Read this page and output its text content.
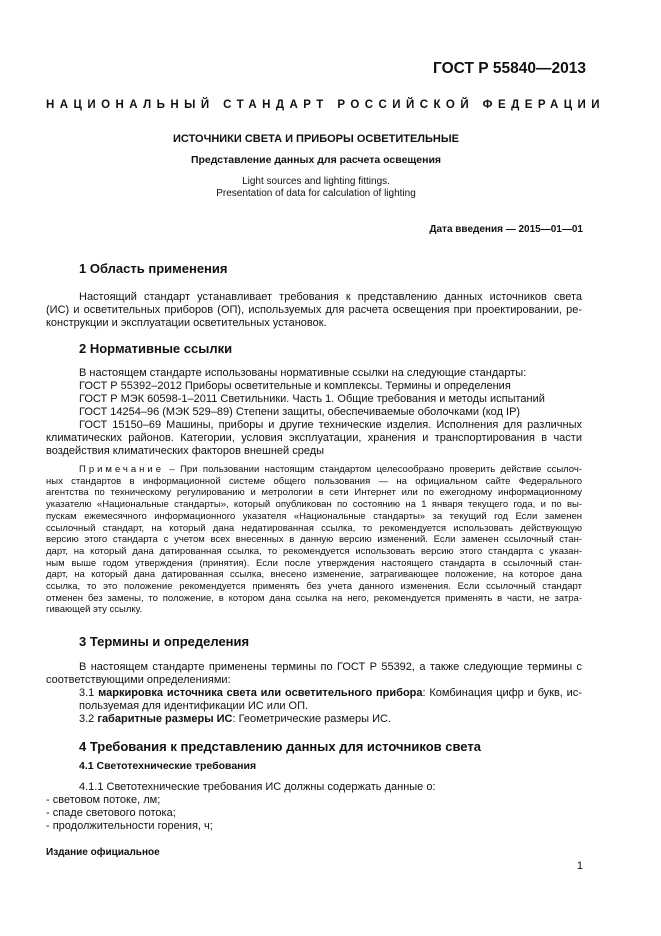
ГОСТ Р 55840—2013
НАЦИОНАЛЬНЫЙ СТАНДАРТ РОССИЙСКОЙ ФЕДЕРАЦИИ
ИСТОЧНИКИ СВЕТА И ПРИБОРЫ ОСВЕТИТЕЛЬНЫЕ
Представление данных для расчета освещения
Light sources and lighting fittings.
Presentation of data for calculation of lighting
Дата введения — 2015—01—01
1 Область применения
Настоящий стандарт устанавливает требования к представлению данных источников света
(ИС) и осветительных приборов (ОП), используемых для расчета освещения при проектировании, ре-
конструкции и эксплуатации осветительных установок.
2 Нормативные ссылки
В настоящем стандарте использованы нормативные ссылки на следующие стандарты:
ГОСТ Р 55392–2012 Приборы осветительные и комплексы. Термины и определения
ГОСТ Р МЭК 60598-1–2011 Светильники. Часть 1. Общие требования и методы испытаний
ГОСТ 14254–96 (МЭК 529–89) Степени защиты, обеспечиваемые оболочками (код IP)
ГОСТ 15150–69 Машины, приборы и другие технические изделия. Исполнения для различных
климатических районов. Категории, условия эксплуатации, хранения и транспортирования в части
воздействия климатических факторов внешней среды
Примечание – При пользовании настоящим стандартом целесообразно проверить действие ссылоч-
ных стандартов в информационной системе общего пользования — на официальном сайте Федерального
агентства по техническому регулированию и метрологии в сети Интернет или по ежегодному информационному
указателю «Национальные стандарты», который опубликован по состоянию на 1 января текущего года, и по вы-
пускам ежемесячного информационного указателя «Национальные стандарты» за текущий год Если заменен
ссылочный стандарт, на который дана недатированная ссылка, то рекомендуется использовать действующую
версию этого стандарта с учетом всех внесенных в данную версию изменений. Если заменен ссылочный стан-
дарт, на который дана датированная ссылка, то рекомендуется использовать версию этого стандарта с указан-
ным выше годом утверждения (принятия). Если после утверждения настоящего стандарта в ссылочный стан-
дарт, на который дана датированная ссылка, внесено изменение, затрагивающее положение, на которое дана
ссылка, то это положение рекомендуется применять без учета данного изменения. Если ссылочный стандарт
отменен без замены, то положение, в котором дана ссылка на него, рекомендуется применять в части, не затра-
гивающей эту ссылку.
3 Термины и определения
В настоящем стандарте применены термины по ГОСТ Р 55392, а также следующие термины с
соответствующими определениями:
3.1 маркировка источника света или осветительного прибора: Комбинация цифр и букв, ис-
пользуемая для идентификации ИС или ОП.
3.2 габаритные размеры ИС: Геометрические размеры ИС.
4 Требования к представлению данных для источников света
4.1 Светотехнические требования
4.1.1 Светотехнические требования ИС должны содержать данные о:
- световом потоке, лм;
- спаде светового потока;
- продолжительности горения, ч;
Издание официальное
1
